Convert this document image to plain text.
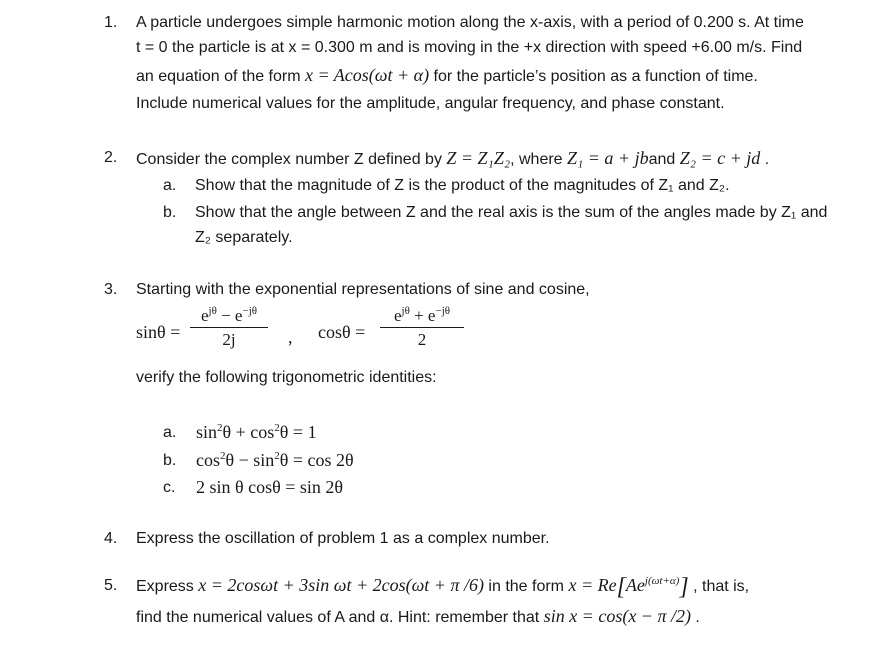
1. A particle undergoes simple harmonic motion along the x-axis, with a period of 0.200 s. At time
t = 0 the particle is at x = 0.300 m and is moving in the +x direction with speed +6.00 m/s. Find
an equation of the form x = Acos(ωt + α) for the particle’s position as a function of time.
Include numerical values for the amplitude, angular frequency, and phase constant.
2. Consider the complex number Z defined by Z = Z₁Z₂, where Z₁ = a + jband Z₂ = c + jd .
a. Show that the magnitude of Z is the product of the magnitudes of Z₁ and Z₂.
b. Show that the angle between Z and the real axis is the sum of the angles made by Z₁ and
Z₂ separately.
3. Starting with the exponential representations of sine and cosine,
sinθ =
$e^{j\theta} - e^{-j\theta}$
2j	, cosθ =
$e^{j\theta} + e^{-j\theta}$
2
verify the following trigonometric identities:
a. $\sin^2\theta + \cos^2\theta = 1$
b. $\cos^2\theta - \sin^2\theta = \cos 2\theta$
c. 2 sin θ cosθ = sin 2θ
4. Express the oscillation of problem 1 as a complex number.
5. Express x = 2cosωt + 3sin ωt + 2cos(ωt + π /6) in the form $x = Re[Ae^{j(\omega t+\alpha)}]$ , that is,
find the numerical values of A and α. Hint: remember that sin x = cos(x − π /2) .
